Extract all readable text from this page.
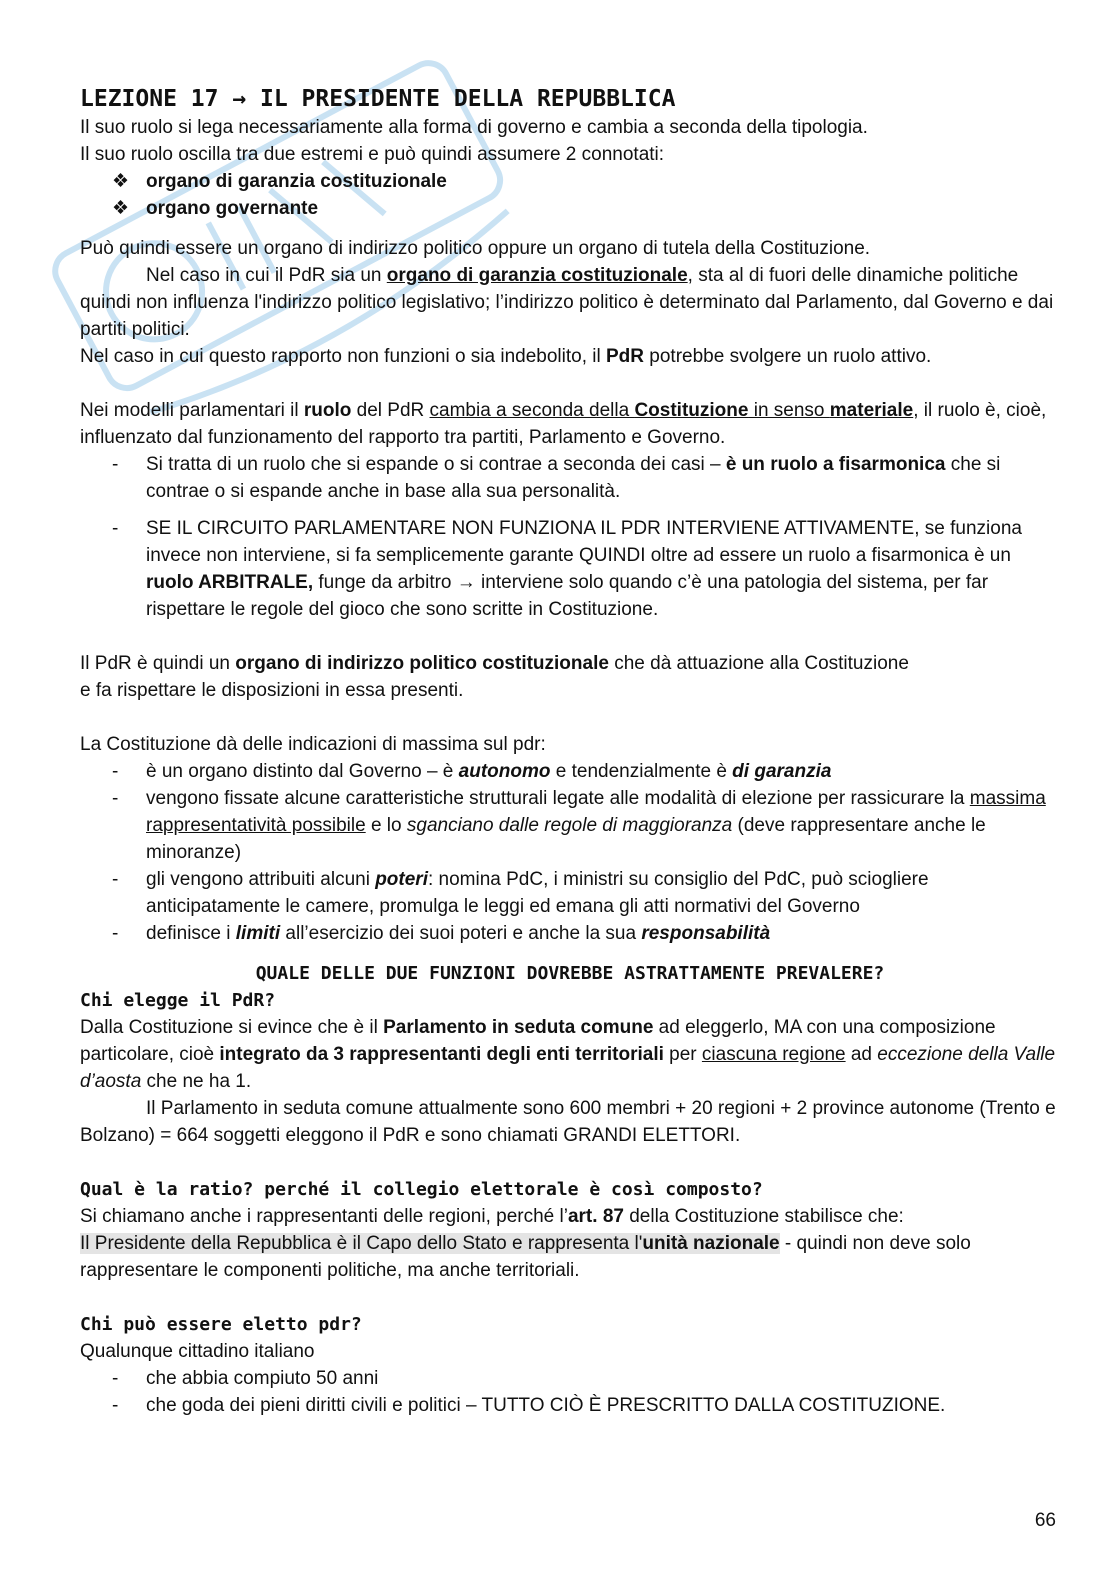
LEZIONE 17 → IL PRESIDENTE DELLA REPUBBLICA

Il suo ruolo si lega necessariamente alla forma di governo e cambia a seconda della tipologia.

Il suo ruolo oscilla tra due estremi e può quindi assumere 2 connotati:

❖ organo di garanzia costituzionale
❖ organo governante

Può quindi essere un organo di indirizzo politico oppure un organo di tutela della Costituzione.

Nel caso in cui il PdR sia un organo di garanzia costituzionale, sta al di fuori delle dinamiche politiche quindi non influenza l'indirizzo politico legislativo; l’indirizzo politico è determinato dal Parlamento, dal Governo e dai partiti politici.

Nel caso in cui questo rapporto non funzioni o sia indebolito, il PdR potrebbe svolgere un ruolo attivo.

Nei modelli parlamentari il ruolo del PdR cambia a seconda della Costituzione in senso materiale, il ruolo è, cioè, influenzato dal funzionamento del rapporto tra partiti, Parlamento e Governo.

- Si tratta di un ruolo che si espande o si contrae a seconda dei casi – è un ruolo a fisarmonica che si contrae o si espande anche in base alla sua personalità.
- SE IL CIRCUITO PARLAMENTARE NON FUNZIONA IL PDR INTERVIENE ATTIVAMENTE, se funziona invece non interviene, si fa semplicemente garante QUINDI oltre ad essere un ruolo a fisarmonica è un ruolo ARBITRALE, funge da arbitro → interviene solo quando c’è una patologia del sistema, per far rispettare le regole del gioco che sono scritte in Costituzione.

Il PdR è quindi un organo di indirizzo politico costituzionale che dà attuazione alla Costituzione

e fa rispettare le disposizioni in essa presenti.

La Costituzione dà delle indicazioni di massima sul pdr:

- è un organo distinto dal Governo – è autonomo e tendenzialmente è di garanzia
- vengono fissate alcune caratteristiche strutturali legate alle modalità di elezione per rassicurare la massima rappresentatività possibile e lo sganciano dalle regole di maggioranza (deve rappresentare anche le minoranze)
- gli vengono attribuiti alcuni poteri: nomina PdC, i ministri su consiglio del PdC, può sciogliere anticipatamente le camere, promulga le leggi ed emana gli atti normativi del Governo
- definisce i limiti all’esercizio dei suoi poteri e anche la sua responsabilità

QUALE DELLE DUE FUNZIONI DOVREBBE ASTRATTAMENTE PREVALERE?

Chi elegge il PdR?

Dalla Costituzione si evince che è il Parlamento in seduta comune ad eleggerlo, MA con una composizione particolare, cioè integrato da 3 rappresentanti degli enti territoriali per ciascuna regione ad eccezione della Valle d’aosta che ne ha 1.

Il Parlamento in seduta comune attualmente sono 600 membri + 20 regioni + 2 province autonome (Trento e Bolzano) = 664 soggetti eleggono il PdR e sono chiamati GRANDI ELETTORI.

Qual è la ratio? perché il collegio elettorale è così composto?

Si chiamano anche i rappresentanti delle regioni, perché l’art. 87 della Costituzione stabilisce che:

Il Presidente della Repubblica è il Capo dello Stato e rappresenta l'unità nazionale - quindi non deve solo rappresentare le componenti politiche, ma anche territoriali.

Chi può essere eletto pdr?

Qualunque cittadino italiano

- che abbia compiuto 50 anni
- che goda dei pieni diritti civili e politici – TUTTO CIÒ È PRESCRITTO DALLA COSTITUZIONE.
66
